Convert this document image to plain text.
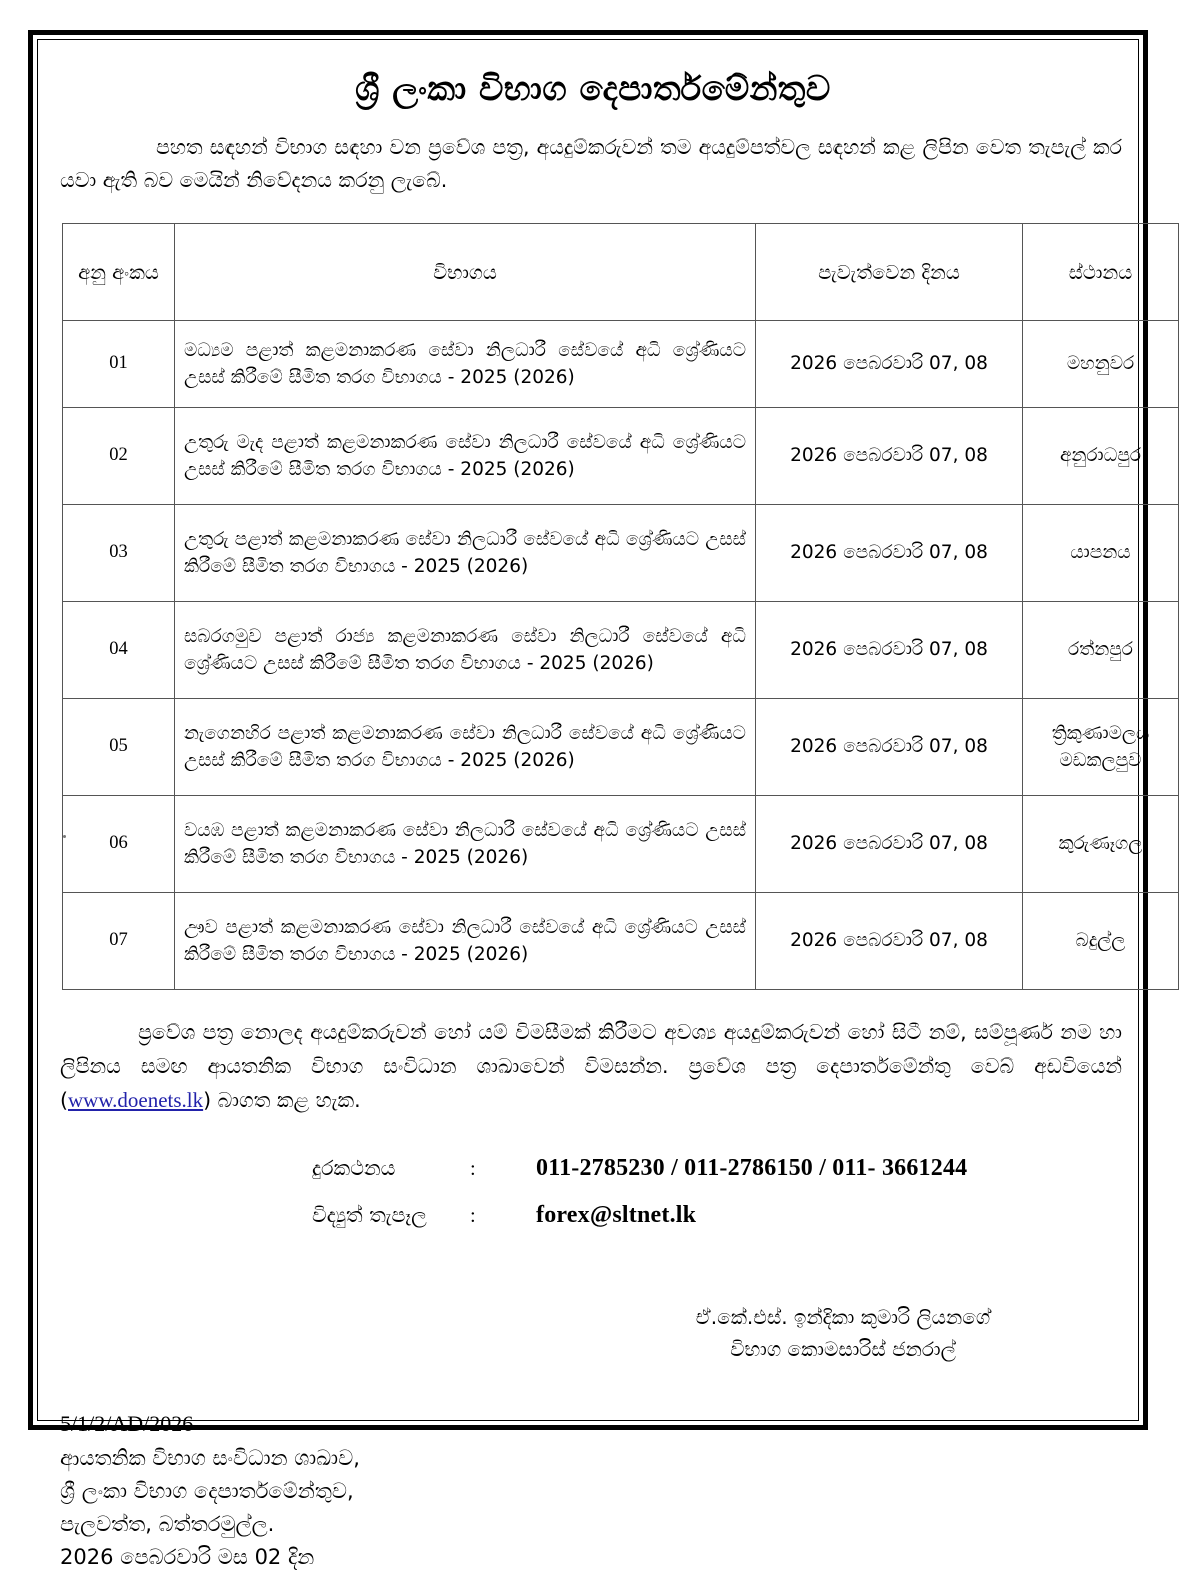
ශ්‍රී ලංකා විභාග දෙපාර්තමේන්තුව

පහත සඳහන් විභාග සඳහා වන ප්‍රවේශ පත්‍ර, අයදුම්කරුවන් තම අයදුම්පත්වල සඳහන් කළ ලිපින වෙත තැපැල් කර යවා ඇති බව මෙයින් නිවේදනය කරනු ලැබේ.

අනු අංකය	විභාගය	පැවැත්වෙන දිනය	ස්ථානය
01	මධ්‍යම පළාත් කළමනාකරණ සේවා නිලධාරී සේවයේ අධි ශ්‍රේණියට උසස් කිරීමේ සීමිත තරග විභාගය - 2025 (2026)	2026 පෙබරවාරි 07, 08	මහනුවර
02	උතුරු මැද පළාත් කළමනාකරණ සේවා නිලධාරී සේවයේ අධි ශ්‍රේණියට උසස් කිරීමේ සීමිත තරග විභාගය - 2025 (2026)	2026 පෙබරවාරි 07, 08	අනුරාධපුර
03	උතුරු පළාත් කළමනාකරණ සේවා නිලධාරී සේවයේ අධි ශ්‍රේණියට උසස් කිරීමේ සීමිත තරග විභාගය - 2025 (2026)	2026 පෙබරවාරි 07, 08	යාපනය
04	සබරගමුව පළාත් රාජ්‍ය කළමනාකරණ සේවා නිලධාරී සේවයේ අධි ශ්‍රේණියට උසස් කිරීමේ සීමිත තරග විභාගය - 2025 (2026)	2026 පෙබරවාරි 07, 08	රත්නපුර
05	නැගෙනහිර පළාත් කළමනාකරණ සේවා නිලධාරී සේවයේ අධි ශ්‍රේණියට උසස් කිරීමේ සීමිත තරග විභාගය - 2025 (2026)	2026 පෙබරවාරි 07, 08	ත්‍රිකුණාමලය මඩකලපුව
06	වයඹ පළාත් කළමනාකරණ සේවා නිලධාරී සේවයේ අධි ශ්‍රේණියට උසස් කිරීමේ සීමිත තරග විභාගය - 2025 (2026)	2026 පෙබරවාරි 07, 08	කුරුණෑගල
07	ඌව පළාත් කළමනාකරණ සේවා නිලධාරී සේවයේ අධි ශ්‍රේණියට උසස් කිරීමේ සීමිත තරග විභාගය - 2025 (2026)	2026 පෙබරවාරි 07, 08	බදුල්ල

ප්‍රවේශ පත්‍ර නොලද අයදුම්කරුවන් හෝ යම් විමසීමක් කිරීමට අවශ්‍ය අයදුම්කරුවන් හෝ සිටී නම්, සම්පූර්ණ නම හා ලිපිනය සමඟ ආයතනික විභාග සංවිධාන ශාඛාවෙන් විමසන්න. ප්‍රවේශ පත්‍ර දෙපාර්තමේන්තු වෙබ් අඩවියෙන් (www.doenets.lk) බාගත කළ හැක.

දුරකථනය	:	011-2785230 / 011-2786150 / 011- 3661244
විද්‍යුත් තැපෑල	:	forex@sltnet.lk
ඒ.කේ.එස්. ඉන්දිකා කුමාරි ලියනගේ
විභාග කොමසාරිස් ජනරාල්
5/1/2/AD/2026
ආයතනික විභාග සංවිධාන ශාඛාව,
ශ්‍රී ලංකා විභාග දෙපාර්තමේන්තුව,
පැලවත්ත, බත්තරමුල්ල.
2026 පෙබරවාරි මස 02 දින
